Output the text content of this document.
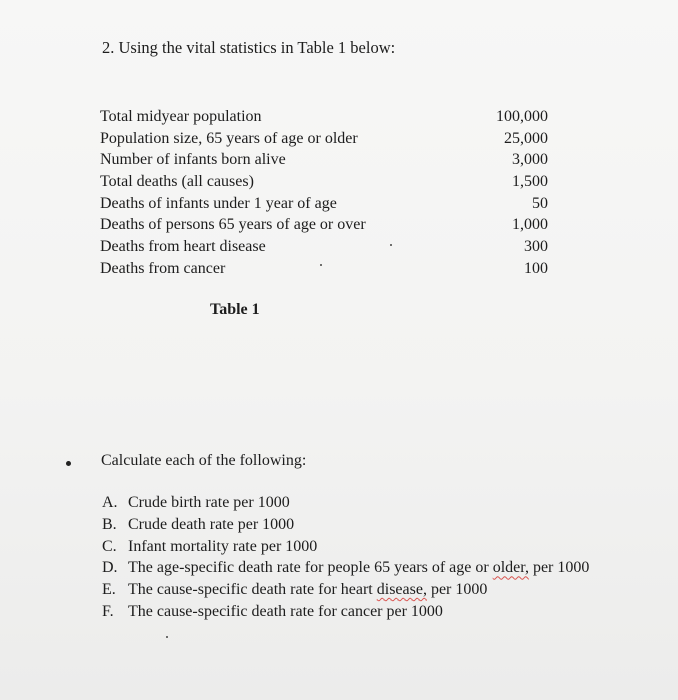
2. Using the vital statistics in Table 1 below:
Total midyear population	100,000
Population size, 65 years of age or older	25,000
Number of infants born alive	3,000
Total deaths (all causes)	1,500
Deaths of infants under 1 year of age	50
Deaths of persons 65 years of age or over	1,000
Deaths from heart disease	300
Deaths from cancer	100
Table 1
Calculate each of the following:
A. Crude birth rate per 1000
B. Crude death rate per 1000
C. Infant mortality rate per 1000
D. The age-specific death rate for people 65 years of age or older, per 1000
E. The cause-specific death rate for heart disease, per 1000
F. The cause-specific death rate for cancer per 1000
